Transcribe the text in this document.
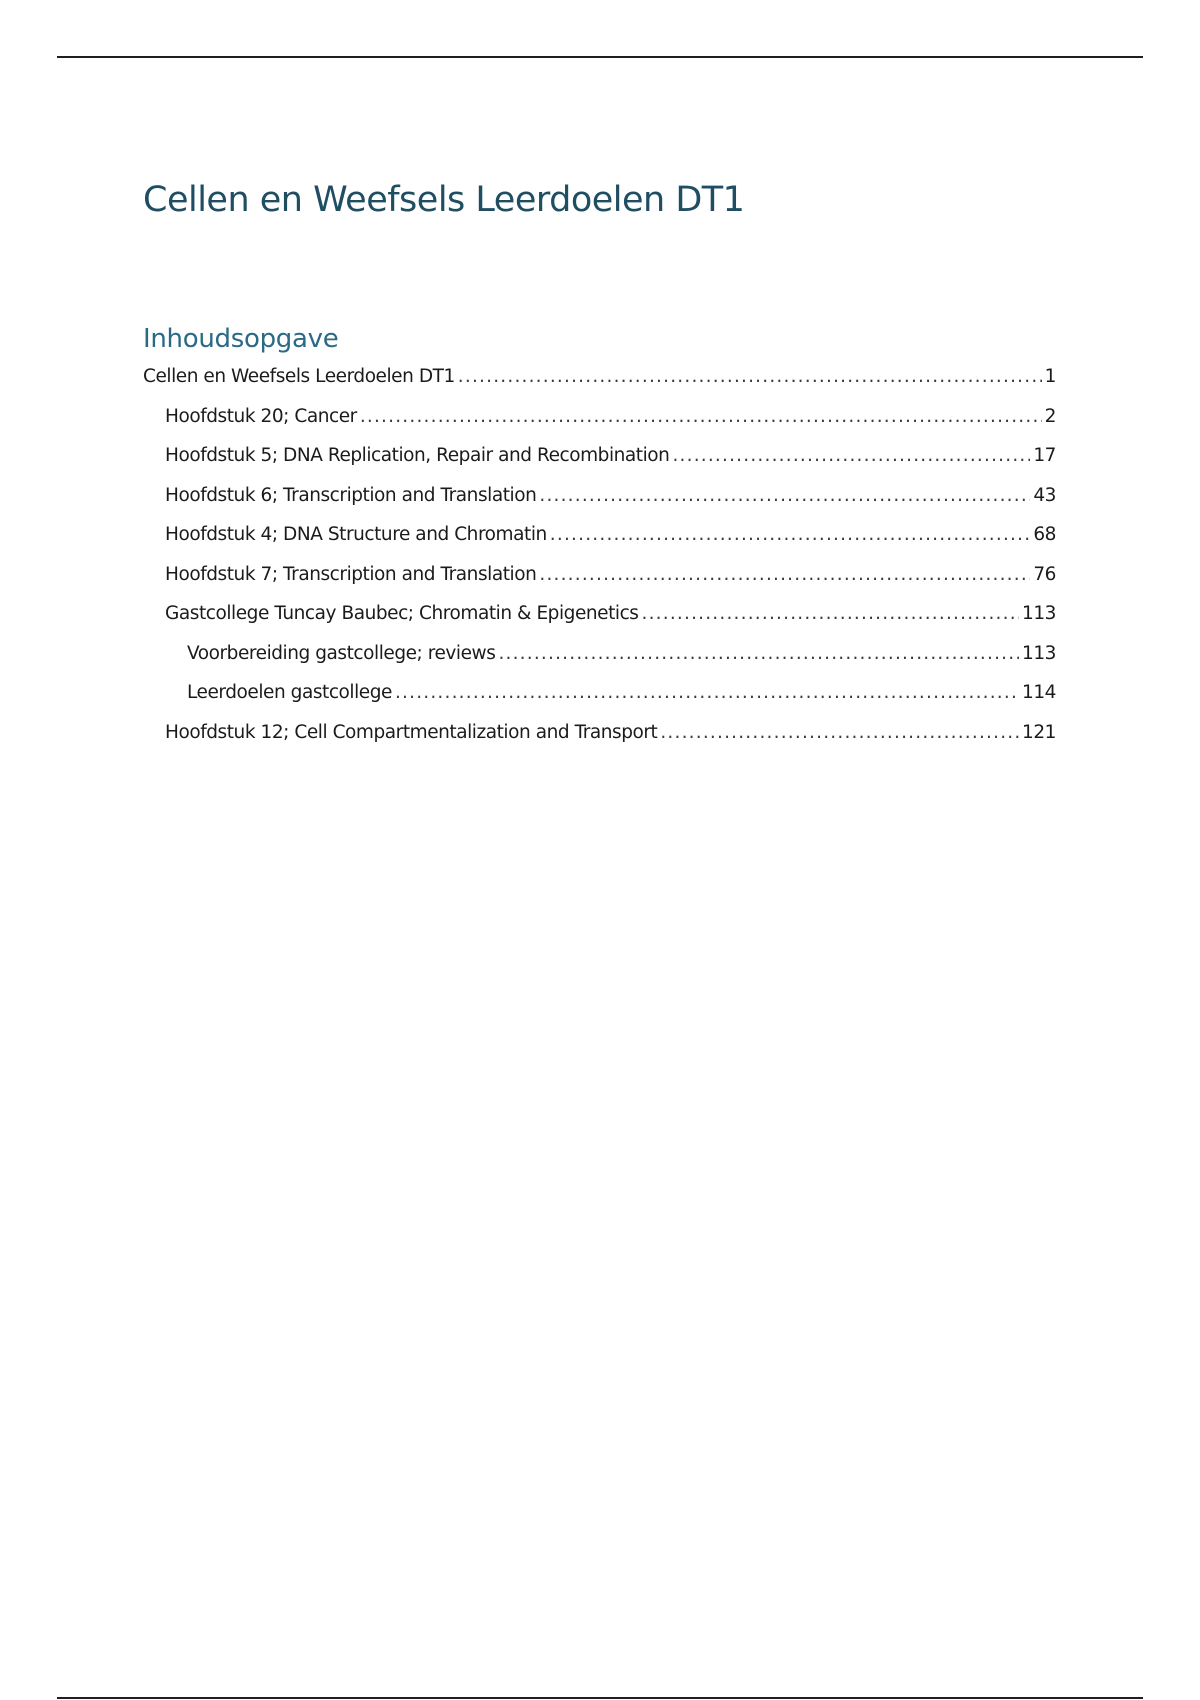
Cellen en Weefsels Leerdoelen DT1
Inhoudsopgave
Cellen en Weefsels Leerdoelen DT1 .....	1
Hoofdstuk 20; Cancer .....	2
Hoofdstuk 5; DNA Replication, Repair and Recombination .....	17
Hoofdstuk 6; Transcription and Translation .....	43
Hoofdstuk 4; DNA Structure and Chromatin .....	68
Hoofdstuk 7; Transcription and Translation .....	76
Gastcollege Tuncay Baubec; Chromatin & Epigenetics .....	113
Voorbereiding gastcollege; reviews .....	113
Leerdoelen gastcollege .....	114
Hoofdstuk 12; Cell Compartmentalization and Transport .....	121
